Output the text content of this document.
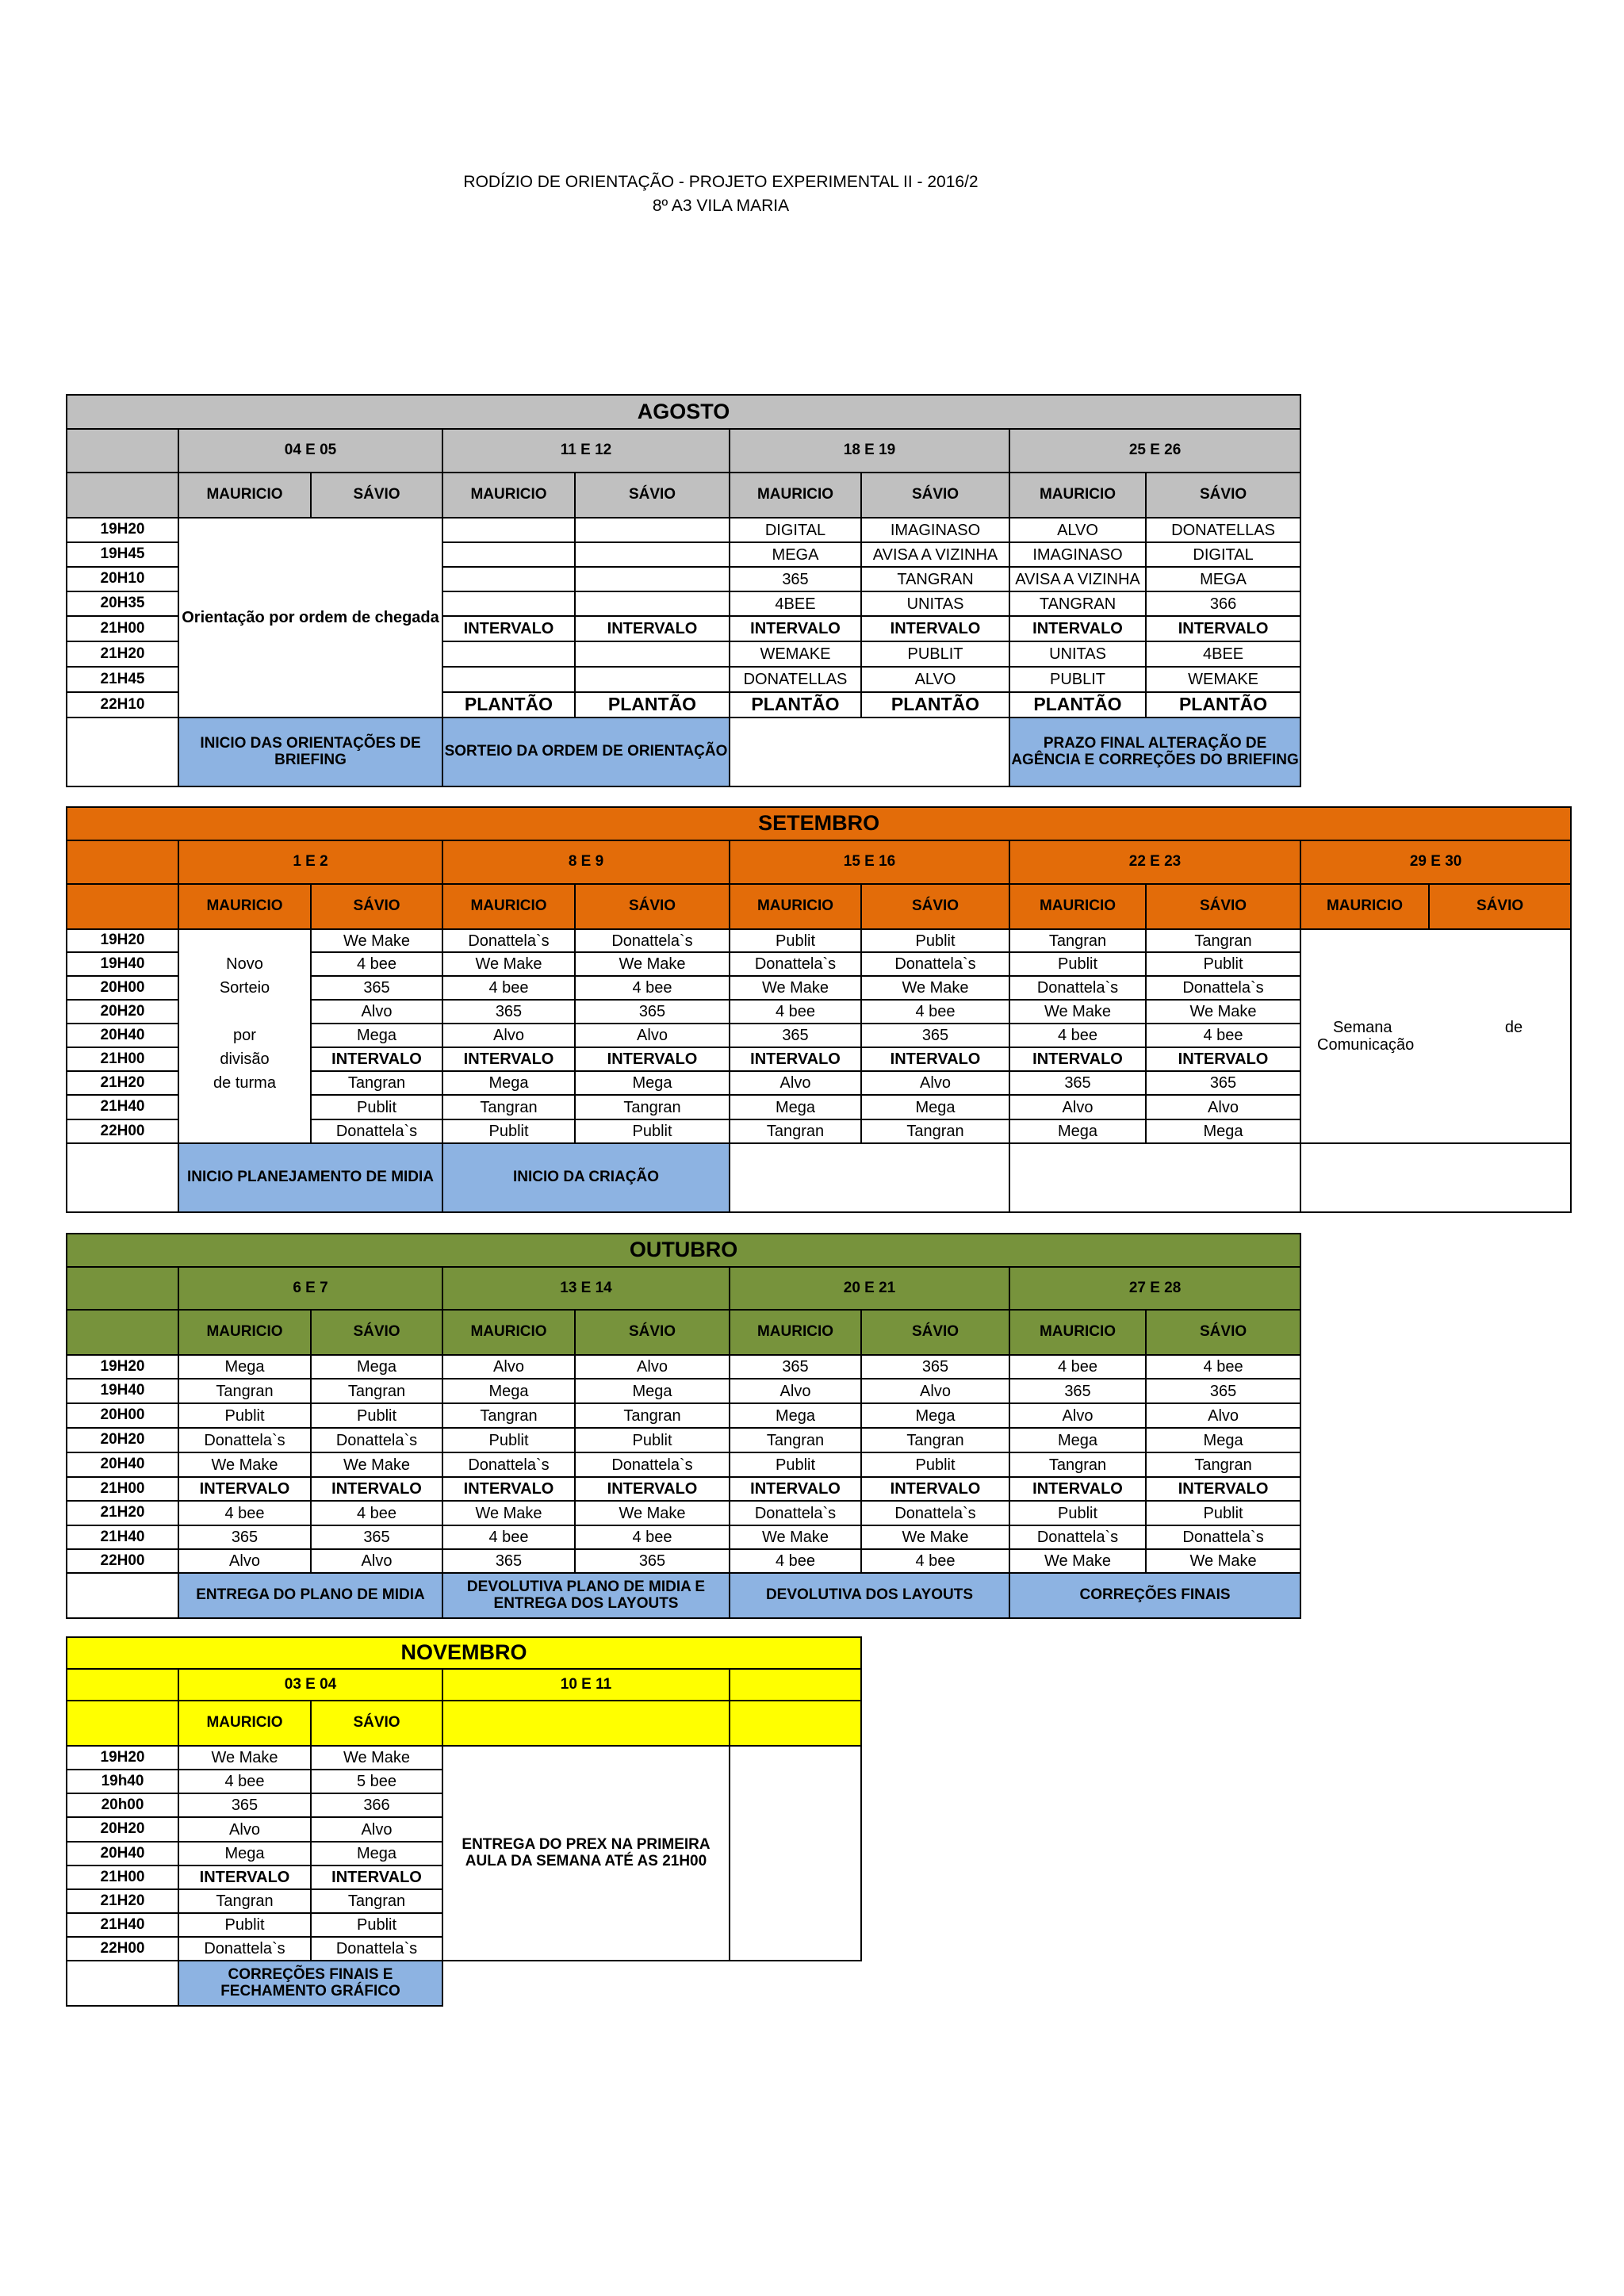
RODÍZIO DE ORIENTAÇÃO - PROJETO EXPERIMENTAL II - 2016/2
8º A3 VILA MARIA
AGOSTO								
	04 E 05		11 E 12		18 E 19		25 E 26	
	MAURICIO	SÁVIO	MAURICIO	SÁVIO	MAURICIO	SÁVIO	MAURICIO	SÁVIO
19H20	Orientação por ordem de chegada				DIGITAL	IMAGINASO	ALVO	DONATELLAS
19H45					MEGA	AVISA A VIZINHA	IMAGINASO	DIGITAL
20H10					365	TANGRAN	AVISA A VIZINHA	MEGA
20H35					4BEE	UNITAS	TANGRAN	366
21H00			INTERVALO	INTERVALO	INTERVALO	INTERVALO	INTERVALO	INTERVALO
21H20					WEMAKE	PUBLIT	UNITAS	4BEE
21H45					DONATELLAS	ALVO	PUBLIT	WEMAKE
22H10			PLANTÃO	PLANTÃO	PLANTÃO	PLANTÃO	PLANTÃO	PLANTÃO
	INICIO DAS ORIENTAÇÕES DE BRIEFING		SORTEIO DA ORDEM DE ORIENTAÇÃO				PRAZO FINAL ALTERAÇÃO DE AGÊNCIA E CORREÇÕES DO BRIEFING	
SETEMBRO										
	1 E 2		8 E 9		15 E 16		22 E 23		29 E 30	
	MAURICIO	SÁVIO	MAURICIO	SÁVIO	MAURICIO	SÁVIO	MAURICIO	SÁVIO	MAURICIO	SÁVIO
19H20		We Make	Donattela`s	Donattela`s	Publit	Publit	Tangran	Tangran	Semana de
Comunicação	

19H40	Novo	4 bee	We Make	We Make	Donattela`s	Donattela`s	Publit	Publit		
20H00	Sorteio	365	4 bee	4 bee	We Make	We Make	Donattela`s	Donattela`s		
20H20		Alvo	365	365	4 bee	4 bee	We Make	We Make		
20H40	por	Mega	Alvo	Alvo	365	365	4 bee	4 bee		
21H00	divisão	INTERVALO	INTERVALO	INTERVALO	INTERVALO	INTERVALO	INTERVALO	INTERVALO		
21H20	de turma	Tangran	Mega	Mega	Alvo	Alvo	365	365		
21H40		Publit	Tangran	Tangran	Mega	Mega	Alvo	Alvo		
22H00		Donattela`s	Publit	Publit	Tangran	Tangran	Mega	Mega		
	INICIO PLANEJAMENTO DE MIDIA		INICIO DA CRIAÇÃO							
OUTUBRO								
	6 E 7		13 E 14		20 E 21		27 E 28	
	MAURICIO	SÁVIO	MAURICIO	SÁVIO	MAURICIO	SÁVIO	MAURICIO	SÁVIO
19H20	Mega	Mega	Alvo	Alvo	365	365	4 bee	4 bee
19H40	Tangran	Tangran	Mega	Mega	Alvo	Alvo	365	365
20H00	Publit	Publit	Tangran	Tangran	Mega	Mega	Alvo	Alvo
20H20	Donattela`s	Donattela`s	Publit	Publit	Tangran	Tangran	Mega	Mega
20H40	We Make	We Make	Donattela`s	Donattela`s	Publit	Publit	Tangran	Tangran
21H00	INTERVALO	INTERVALO	INTERVALO	INTERVALO	INTERVALO	INTERVALO	INTERVALO	INTERVALO
21H20	4 bee	4 bee	We Make	We Make	Donattela`s	Donattela`s	Publit	Publit
21H40	365	365	4 bee	4 bee	We Make	We Make	Donattela`s	Donattela`s
22H00	Alvo	Alvo	365	365	4 bee	4 bee	We Make	We Make
	ENTREGA DO PLANO DE MIDIA		DEVOLUTIVA PLANO DE MIDIA E ENTREGA DOS LAYOUTS		DEVOLUTIVA DOS LAYOUTS		CORREÇÕES FINAIS	
NOVEMBRO				
	03 E 04		10 E 11	
	MAURICIO	SÁVIO		
19H20	We Make	We Make	ENTREGA DO PREX NA PRIMEIRA AULA DA SEMANA ATÉ AS 21H00	
19h40	4 bee	5 bee		
20h00	365	366		
20H20	Alvo	Alvo		
20H40	Mega	Mega		
21H00	INTERVALO	INTERVALO		
21H20	Tangran	Tangran		
21H40	Publit	Publit		
22H00	Donattela`s	Donattela`s		
	CORREÇÕES FINAIS E FECHAMENTO GRÁFICO			
